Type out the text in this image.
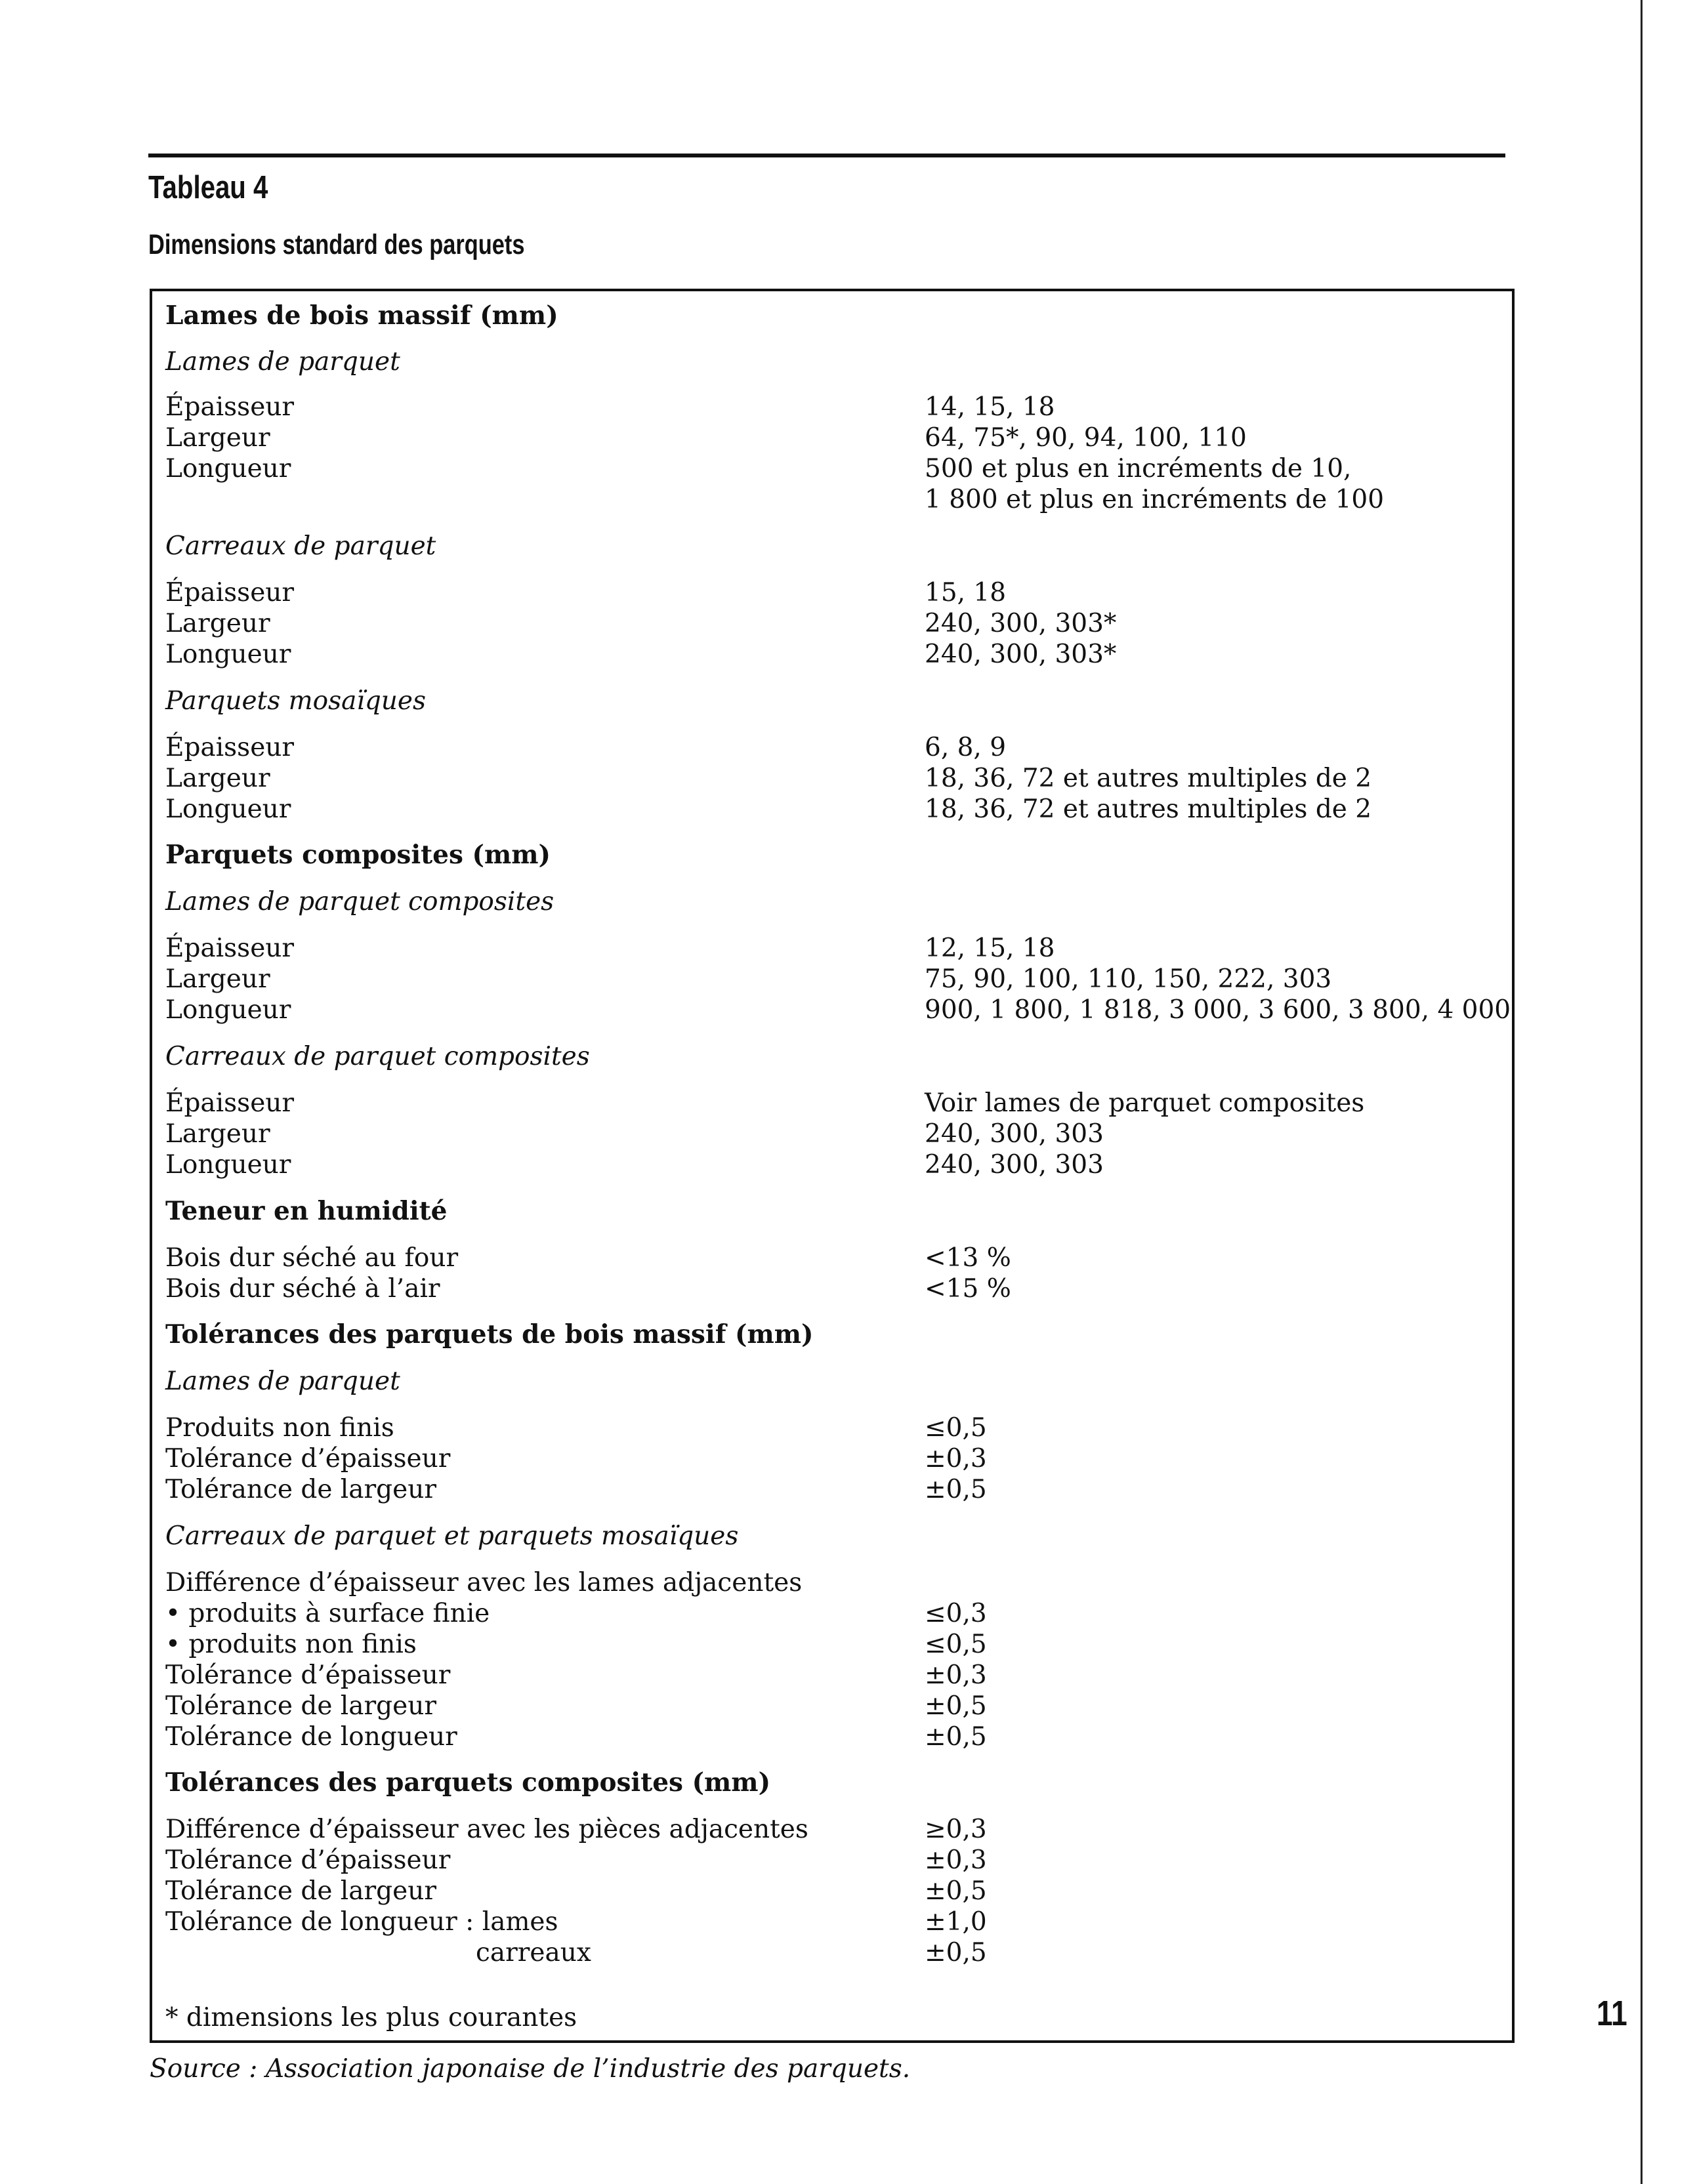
Tableau 4
Dimensions standard des parquets
Lames de bois massif (mm)
Lames de parquet
Épaisseur	14, 15, 18
Largeur	64, 75*, 90, 94, 100, 110
Longueur	500 et plus en incréments de 10,
1 800 et plus en incréments de 100
Carreaux de parquet
Épaisseur	15, 18
Largeur	240, 300, 303*
Longueur	240, 300, 303*
Parquets mosaïques
Épaisseur	6, 8, 9
Largeur	18, 36, 72 et autres multiples de 2
Longueur	18, 36, 72 et autres multiples de 2
Parquets composites (mm)
Lames de parquet composites
Épaisseur	12, 15, 18
Largeur	75, 90, 100, 110, 150, 222, 303
Longueur	900, 1 800, 1 818, 3 000, 3 600, 3 800, 4 000
Carreaux de parquet composites
Épaisseur	Voir lames de parquet composites
Largeur	240, 300, 303
Longueur	240, 300, 303
Teneur en humidité
Bois dur séché au four	<13 %
Bois dur séché à l’air	<15 %
Tolérances des parquets de bois massif (mm)
Lames de parquet
Produits non finis	≤0,5
Tolérance d’épaisseur	±0,3
Tolérance de largeur	±0,5
Carreaux de parquet et parquets mosaïques
Différence d’épaisseur avec les lames adjacentes
• produits à surface finie	≤0,3
• produits non finis	≤0,5
Tolérance d’épaisseur	±0,3
Tolérance de largeur	±0,5
Tolérance de longueur	±0,5
Tolérances des parquets composites (mm)
Différence d’épaisseur avec les pièces adjacentes	≥0,3
Tolérance d’épaisseur	±0,3
Tolérance de largeur	±0,5
Tolérance de longueur : lames	±1,0
carreaux	±0,5
* dimensions les plus courantes
Source : Association japonaise de l’industrie des parquets.
11
